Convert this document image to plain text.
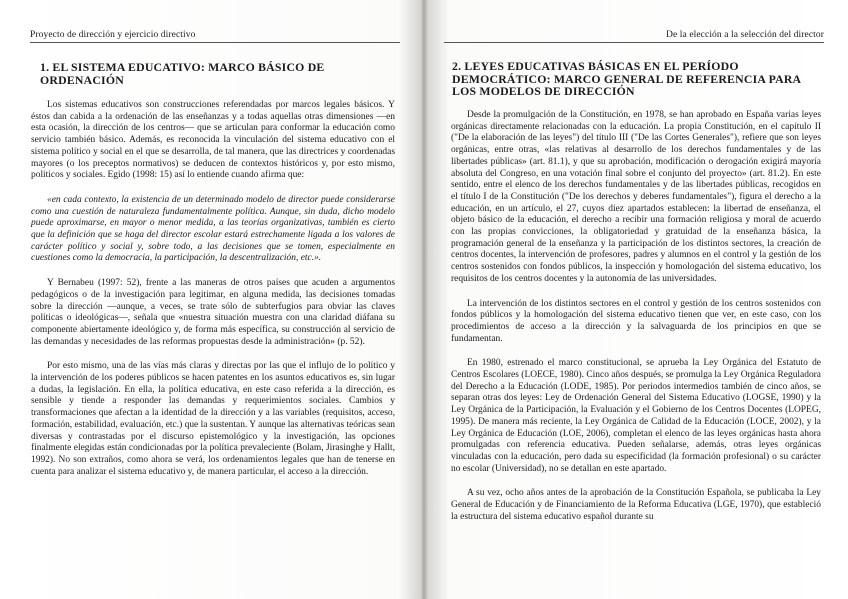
Proyecto de dirección y ejercicio directivo
1. EL SISTEMA EDUCATIVO: MARCO BÁSICO DE ORDENACIÓN

Los sistemas educativos son construcciones referendadas por marcos legales básicos. Y éstos dan cabida a la ordenación de las enseñanzas y a todas aquellas otras dimensiones —en esta ocasión, la dirección de los centros— que se articulan para conformar la educación como servicio también básico. Además, es reconocida la vinculación del sistema educativo con el sistema político y social en el que se desarrolla, de tal manera, que las directrices y coordenadas mayores (o los preceptos normativos) se deducen de contextos históricos y, por esto mismo, políticos y sociales. Egido (1998: 15) así lo entiende cuando afirma que:

«en cada contexto, la existencia de un determinado modelo de director puede considerarse como una cuestión de naturaleza fundamentalmente política. Aunque, sin duda, dicho modelo puede aproximarse, en mayor o menor medida, a las teorías organizativas, también es cierto que la definición que se haga del director escolar estará estrechamente ligada a los valores de carácter político y social y, sobre todo, a las decisiones que se tomen, especialmente en cuestiones como la democracia, la participación, la descentralización, etc.».

Y Bernabeu (1997: 52), frente a las maneras de otros países que acuden a argumentos pedagógicos o de la investigación para legitimar, en alguna medida, las decisiones tomadas sobre la dirección —aunque, a veces, se trate sólo de subterfugios para obviar las claves políticas o ideológicas—, señala que «nuestra situación muestra con una claridad diáfana su componente abiertamente ideológico y, de forma más específica, su construcción al servicio de las demandas y necesidades de las reformas propuestas desde la administración» (p. 52).

Por esto mismo, una de las vías más claras y directas por las que el influjo de lo político y la intervención de los poderes públicos se hacen patentes en los asuntos educativos es, sin lugar a dudas, la legislación. En ella, la política educativa, en este caso referida a la dirección, es sensible y tiende a responder las demandas y requerimientos sociales. Cambios y transformaciones que afectan a la identidad de la dirección y a las variables (requisitos, acceso, formación, estabilidad, evaluación, etc.) que la sustentan. Y aunque las alternativas teóricas sean diversas y contrastadas por el discurso epistemológico y la investigación, las opciones finalmente elegidas están condicionadas por la política prevaleciente (Bolam, Jirasinghe y Hallt, 1992). No son extraños, como ahora se verá, los ordenamientos legales que han de tenerse en cuenta para analizar el sistema educativo y, de manera particular, el acceso a la dirección.

De la elección a la selección del director
2. LEYES EDUCATIVAS BÁSICAS EN EL PERÍODO DEMOCRÁTICO: MARCO GENERAL DE REFERENCIA PARA LOS MODELOS DE DIRECCIÓN

Desde la promulgación de la Constitución, en 1978, se han aprobado en España varias leyes orgánicas directamente relacionadas con la educación. La propia Constitución, en el capítulo II ("De la elaboración de las leyes") del título III ("De las Cortes Generales"), refiere que son leyes orgánicas, entre otras, «las relativas al desarrollo de los derechos fundamentales y de las libertades públicas» (art. 81.1), y que su aprobación, modificación o derogación exigirá mayoría absoluta del Congreso, en una votación final sobre el conjunto del proyecto» (art. 81.2). En este sentido, entre el elenco de los derechos fundamentales y de las libertades públicas, recogidos en el título I de la Constitución ("De los derechos y deberes fundamentales"), figura el derecho a la educación, en un artículo, el 27, cuyos diez apartados establecen: la libertad de enseñanza, el objeto básico de la educación, el derecho a recibir una formación religiosa y moral de acuerdo con las propias convicciones, la obligatoriedad y gratuidad de la enseñanza básica, la programación general de la enseñanza y la participación de los distintos sectores, la creación de centros docentes, la intervención de profesores, padres y alumnos en el control y la gestión de los centros sostenidos con fondos públicos, la inspección y homologación del sistema educativo, los requisitos de los centros docentes y la autonomía de las universidades.

La intervención de los distintos sectores en el control y gestión de los centros sostenidos con fondos públicos y la homologación del sistema educativo tienen que ver, en este caso, con los procedimientos de acceso a la dirección y la salvaguarda de los principios en que se fundamentan.

En 1980, estrenado el marco constitucional, se aprueba la Ley Orgánica del Estatuto de Centros Escolares (LOECE, 1980). Cinco años después, se promulga la Ley Orgánica Reguladora del Derecho a la Educación (LODE, 1985). Por periodos intermedios también de cinco años, se separan otras dos leyes: Ley de Ordenación General del Sistema Educativo (LOGSE, 1990) y la Ley Orgánica de la Participación, la Evaluación y el Gobierno de los Centros Docentes (LOPEG, 1995). De manera más reciente, la Ley Orgánica de Calidad de la Educación (LOCE, 2002), y la Ley Orgánica de Educación (LOE, 2006), completan el elenco de las leyes orgánicas hasta ahora promulgadas con referencia educativa. Pueden señalarse, además, otras leyes orgánicas vinculadas con la educación, pero dada su especificidad (la formación profesional) o su carácter no escolar (Universidad), no se detallan en este apartado.

A su vez, ocho años antes de la aprobación de la Constitución Española, se publicaba la Ley General de Educación y de Financiamiento de la Reforma Educativa (LGE, 1970), que estableció la estructura del sistema educativo español durante su
